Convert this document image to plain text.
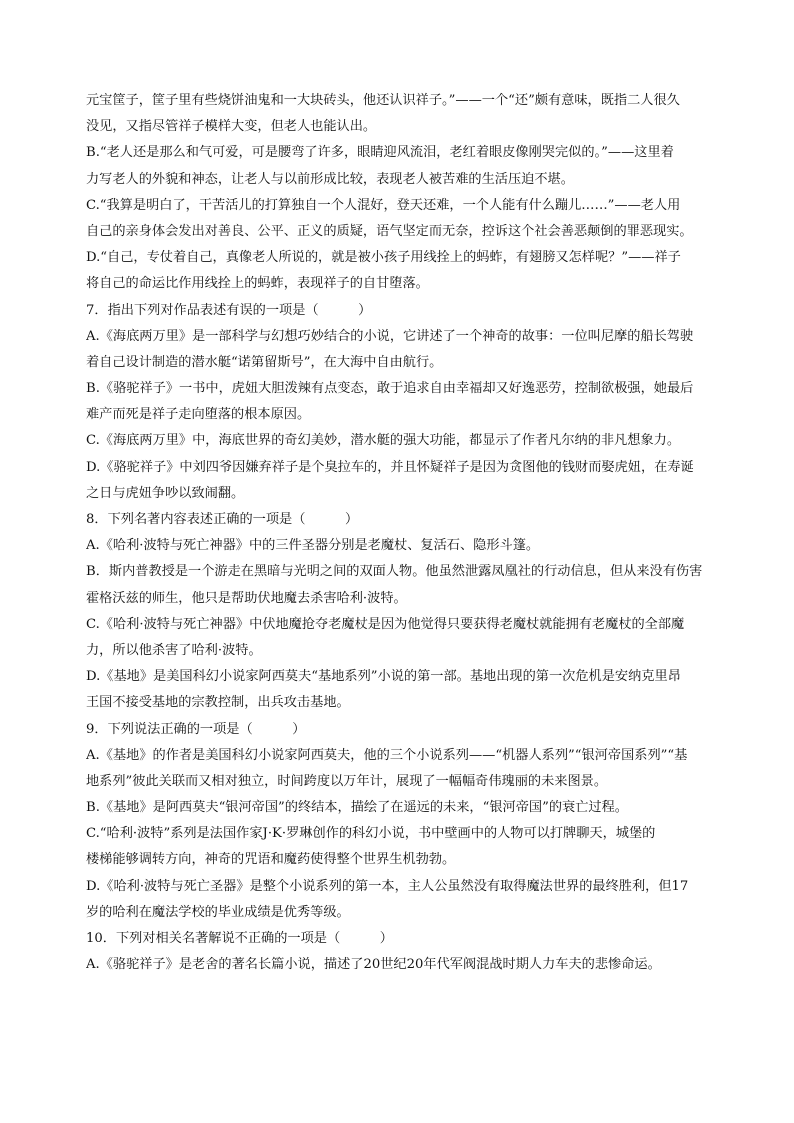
元宝筐子，筐子里有些烧饼油鬼和一大块砖头，他还认识祥子。”——一个“还”颇有意味，既指二人很久
没见，又指尽管祥子模样大变，但老人也能认出。
B.“老人还是那么和气可爱，可是腰弯了许多，眼睛迎风流泪，老红着眼皮像刚哭完似的。”——这里着
力写老人的外貌和神态，让老人与以前形成比较，表现老人被苦难的生活压迫不堪。
C.“我算是明白了，干苦活儿的打算独自一个人混好，登天还难，一个人能有什么蹦儿……”——老人用
自己的亲身体会发出对善良、公平、正义的质疑，语气坚定而无奈，控诉这个社会善恶颠倒的罪恶现实。
D.“自己，专仗着自己，真像老人所说的，就是被小孩子用线拴上的蚂蚱，有翅膀又怎样呢？”——祥子
将自己的命运比作用线拴上的蚂蚱，表现祥子的自甘堕落。
7．指出下列对作品表述有误的一项是（　　　）
A.《海底两万里》是一部科学与幻想巧妙结合的小说，它讲述了一个神奇的故事：一位叫尼摩的船长驾驶
着自己设计制造的潜水艇“诺第留斯号”，在大海中自由航行。
B.《骆驼祥子》一书中，虎妞大胆泼辣有点变态，敢于追求自由幸福却又好逸恶劳，控制欲极强，她最后
难产而死是祥子走向堕落的根本原因。
C.《海底两万里》中，海底世界的奇幻美妙，潜水艇的强大功能，都显示了作者凡尔纳的非凡想象力。
D.《骆驼祥子》中刘四爷因嫌弃祥子是个臭拉车的，并且怀疑祥子是因为贪图他的钱财而娶虎妞，在寿诞
之日与虎妞争吵以致闹翻。
8．下列名著内容表述正确的一项是（　　　）
A.《哈利·波特与死亡神器》中的三件圣器分别是老魔杖、复活石、隐形斗篷。
B．斯内普教授是一个游走在黑暗与光明之间的双面人物。他虽然泄露凤凰社的行动信息，但从来没有伤害
霍格沃兹的师生，他只是帮助伏地魔去杀害哈利·波特。
C.《哈利·波特与死亡神器》中伏地魔抢夺老魔杖是因为他觉得只要获得老魔杖就能拥有老魔杖的全部魔
力，所以他杀害了哈利·波特。
D.《基地》是美国科幻小说家阿西莫夫“基地系列”小说的第一部。基地出现的第一次危机是安纳克里昂
王国不接受基地的宗教控制，出兵攻击基地。
9．下列说法正确的一项是（　　　）
A.《基地》的作者是美国科幻小说家阿西莫夫，他的三个小说系列——“机器人系列”“银河帝国系列”“基
地系列”彼此关联而又相对独立，时间跨度以万年计，展现了一幅幅奇伟瑰丽的未来图景。
B.《基地》是阿西莫夫“银河帝国”的终结本，描绘了在遥远的未来，“银河帝国”的衰亡过程。
C.“哈利·波特”系列是法国作家J·K·罗琳创作的科幻小说，书中壁画中的人物可以打牌聊天，城堡的
楼梯能够调转方向，神奇的咒语和魔药使得整个世界生机勃勃。
D.《哈利·波特与死亡圣器》是整个小说系列的第一本，主人公虽然没有取得魔法世界的最终胜利，但17
岁的哈利在魔法学校的毕业成绩是优秀等级。
10．下列对相关名著解说不正确的一项是（　　　）
A.《骆驼祥子》是老舍的著名长篇小说，描述了20世纪20年代军阀混战时期人力车夫的悲惨命运。
